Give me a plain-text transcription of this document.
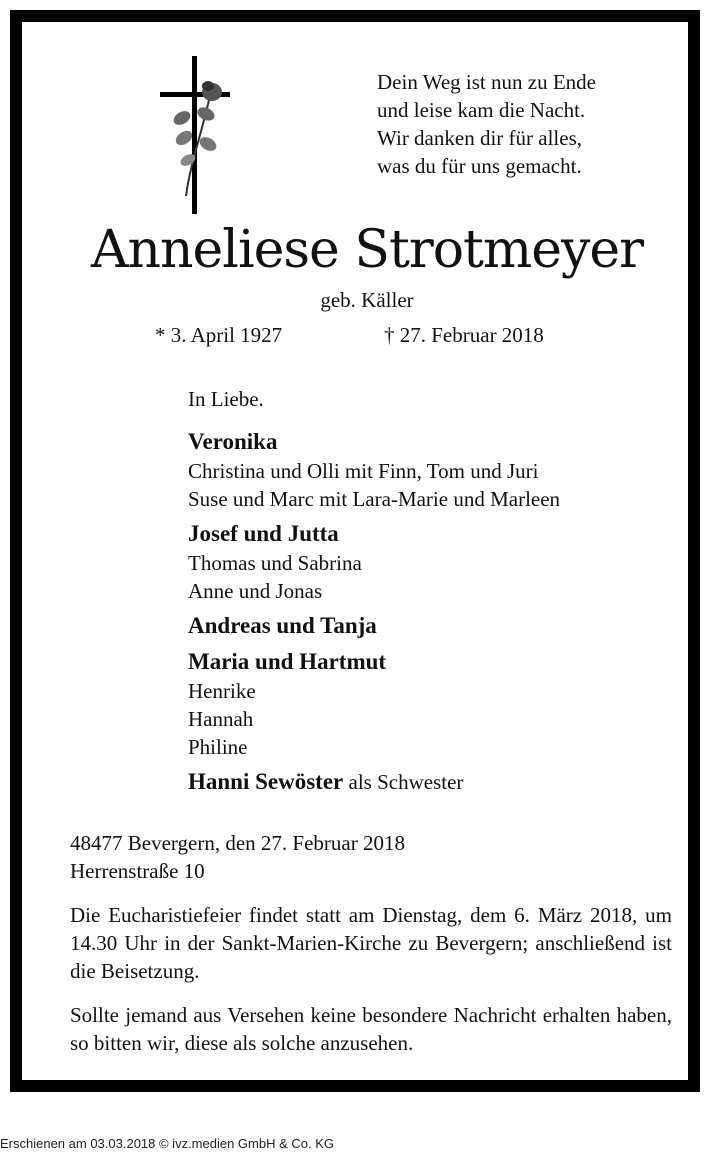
Dein Weg ist nun zu Ende
und leise kam die Nacht.
Wir danken dir für alles,
was du für uns gemacht.
Anneliese Strotmeyer
geb. Käller
* 3. April 1927	† 27. Februar 2018
In Liebe.
Veronika
Christina und Olli mit Finn, Tom und Juri
Suse und Marc mit Lara-Marie und Marleen
Josef und Jutta
Thomas und Sabrina
Anne und Jonas
Andreas und Tanja
Maria und Hartmut
Henrike
Hannah
Philine
Hanni Sewöster als Schwester

48477 Bevergern, den 27. Februar 2018
Herrenstraße 10

Die Eucharistiefeier findet statt am Dienstag, dem 6. März 2018, um 14.30 Uhr in der Sankt-Marien-Kirche zu Bevergern; anschließend ist die Beisetzung.

Sollte jemand aus Versehen keine besondere Nachricht erhalten haben, so bitten wir, diese als solche anzusehen.

Erschienen am 03.03.2018 © ivz.medien GmbH & Co. KG
